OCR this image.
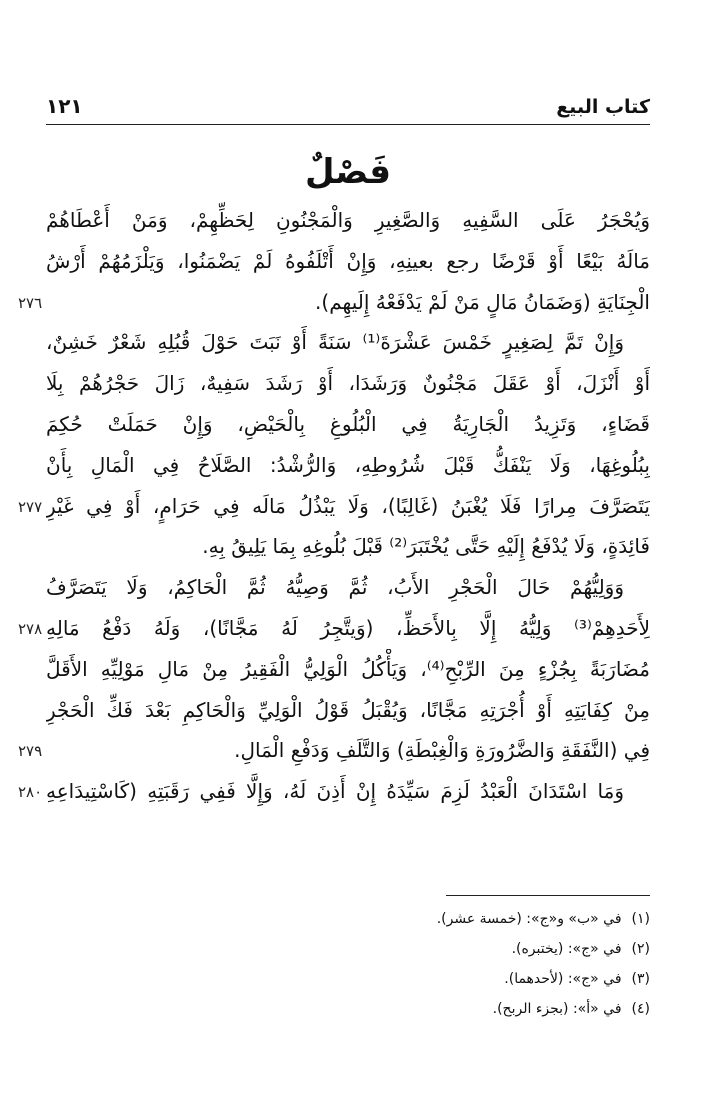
كتاب البيع
١٢١
فَصْلٌ
وَيُحْجَرُ عَلَى السَّفِيهِ وَالصَّغِيرِ وَالْمَجْنُونِ لِحَظِّهِمْ، وَمَنْ أَعْطَاهُمْ
مَالَهُ بَيْعًا أَوْ قَرْضًا رجع بعينِهِ، وَإِنْ أَتْلَفُوهُ لَمْ يَضْمَنُوا، وَيَلْزَمُهُمْ أَرْشُ
الْجِنَايَةِ (وَضَمَانُ مَالٍ مَنْ لَمْ يَدْفَعْهُ إِلَيهِم).
وَإِنْ تَمَّ لِصَغِيرٍ خَمْسَ عَشْرَةَ⁽¹⁾ سَنَةً أَوْ نَبَتَ حَوْلَ قُبُلِهِ شَعْرٌ خَشِنٌ،
أَوْ أَنْزَلَ، أَوْ عَقَلَ مَجْنُونٌ وَرَشَدَا، أَوْ رَشَدَ سَفِيهٌ، زَالَ حَجْرُهُمْ بِلَا
قَضَاءٍ، وَتَزِيدُ الْجَارِيَةُ فِي الْبُلُوغِ بِالْحَيْضِ، وَإِنْ حَمَلَتْ حُكِمَ
بِبُلُوغِهَا، وَلَا يَنْفَكُّ قَبْلَ شُرُوطِهِ، وَالرُّشْدُ: الصَّلَاحُ فِي الْمَالِ بِأَنْ
يَتَصَرَّفَ مِرارًا فَلَا يُغْبَنُ (غَالِبًا)، وَلَا يَبْذُلُ مَالَه فِي حَرَامٍ، أَوْ فِي غَيْرِ
فَائِدَةٍ، وَلَا يُدْفَعُ إِلَيْهِ حَتَّى يُخْتَبَرَ⁽²⁾ قَبْلَ بُلُوغِهِ بِمَا يَلِيقُ بِهِ.
وَوَلِيُّهُمْ حَالَ الْحَجْرِ الأَبُ، ثُمَّ وَصِيُّهُ ثُمَّ الْحَاكِمُ، وَلَا يَتَصَرَّفُ
لِأَحَدِهِمْ⁽³⁾ وَلِيُّهُ إِلَّا بِالأَحَظِّ، (وَيتَّجِرُ لَهُ مَجَّانًا)، وَلَهُ دَفْعُ مَالِهِ
مُضَارَبَةً بِجُزْءٍ مِنَ الرِّبْحِ⁽⁴⁾، وَيَأْكُلُ الْوَلِيُّ الْفَقِيرُ مِنْ مَالِ مَوْلِيِّهِ الأَقَلَّ
مِنْ كِفَايَتِهِ أَوْ أُجْرَتِهِ مَجَّانًا، وَيُقْبَلُ قَوْلُ الْوَلِيِّ وَالْحَاكِمِ بَعْدَ فَكِّ الْحَجْرِ
فِي (النَّفَقَةِ وَالضَّرُورَةِ وَالْغِبْطَةِ) وَالتَّلَفِ وَدَفْعِ الْمَالِ.
وَمَا اسْتَدَانَ الْعَبْدُ لَزِمَ سَيِّدَهُ إِنْ أَذِنَ لَهُ، وَإِلَّا فَفِي رَقَبَتِهِ (كَاسْتِيدَاعِهِ
٢٧٦
٢٧٧
٢٧٨
٢٧٩
٢٨٠
(١)في «ب» و«ج»: (خمسة عشر).
(٢)في «ج»: (يختبره).
(٣)في «ج»: (لأحدهما).
(٤)في «أ»: (بجزء الربح).
